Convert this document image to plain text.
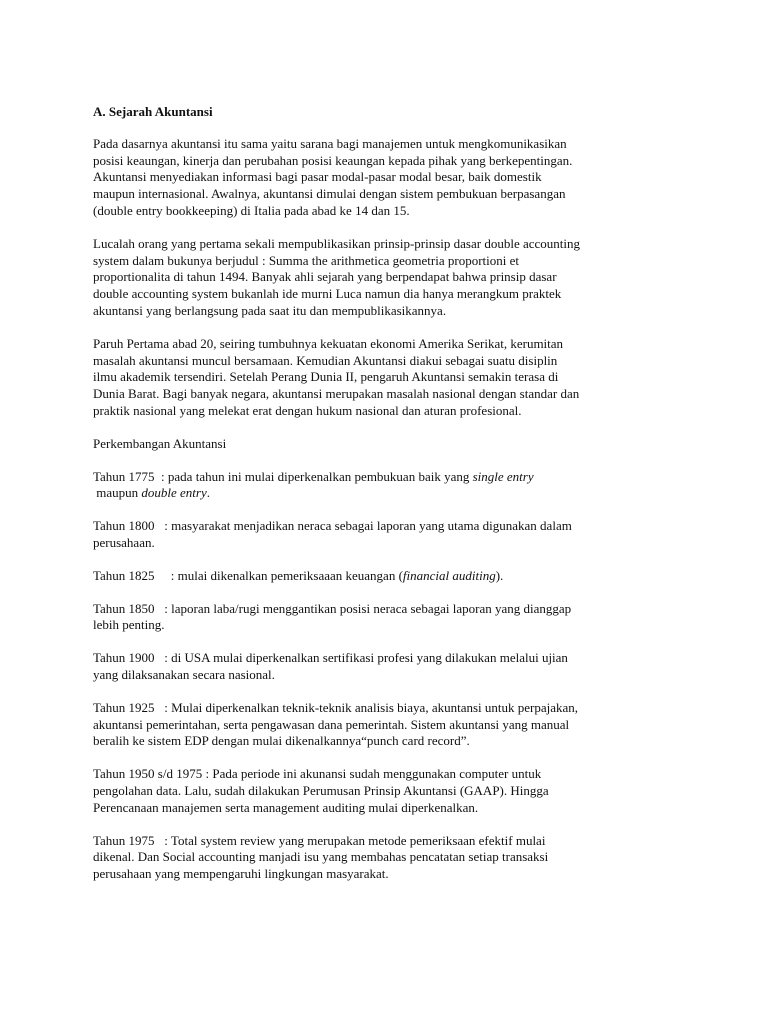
A. Sejarah Akuntansi
Pada dasarnya akuntansi itu sama yaitu sarana bagi manajemen untuk mengkomunikasikan
posisi keaungan, kinerja dan perubahan posisi keaungan kepada pihak yang berkepentingan.
Akuntansi menyediakan informasi bagi pasar modal-pasar modal besar, baik domestik
maupun internasional. Awalnya, akuntansi dimulai dengan sistem pembukuan berpasangan
(double entry bookkeeping) di Italia pada abad ke 14 dan 15.
Lucalah orang yang pertama sekali mempublikasikan prinsip-prinsip dasar double accounting
system dalam bukunya berjudul : Summa the arithmetica geometria proportioni et
proportionalita di tahun 1494. Banyak ahli sejarah yang berpendapat bahwa prinsip dasar
double accounting system bukanlah ide murni Luca namun dia hanya merangkum praktek
akuntansi yang berlangsung pada saat itu dan mempublikasikannya.
Paruh Pertama abad 20, seiring tumbuhnya kekuatan ekonomi Amerika Serikat, kerumitan
masalah akuntansi muncul bersamaan. Kemudian Akuntansi diakui sebagai suatu disiplin
ilmu akademik tersendiri. Setelah Perang Dunia II, pengaruh Akuntansi semakin terasa di
Dunia Barat. Bagi banyak negara, akuntansi merupakan masalah nasional dengan standar dan
praktik nasional yang melekat erat dengan hukum nasional dan aturan profesional.
Perkembangan Akuntansi
Tahun 1775  : pada tahun ini mulai diperkenalkan pembukuan baik yang single entry
maupun double entry.
Tahun 1800   : masyarakat menjadikan neraca sebagai laporan yang utama digunakan dalam
perusahaan.
Tahun 1825     : mulai dikenalkan pemeriksaaan keuangan (financial auditing).
Tahun 1850   : laporan laba/rugi menggantikan posisi neraca sebagai laporan yang dianggap
lebih penting.
Tahun 1900   : di USA mulai diperkenalkan sertifikasi profesi yang dilakukan melalui ujian
yang dilaksanakan secara nasional.
Tahun 1925   : Mulai diperkenalkan teknik-teknik analisis biaya, akuntansi untuk perpajakan,
akuntansi pemerintahan, serta pengawasan dana pemerintah. Sistem akuntansi yang manual
beralih ke sistem EDP dengan mulai dikenalkannya“punch card record”.
Tahun 1950 s/d 1975 : Pada periode ini akunansi sudah menggunakan computer untuk
pengolahan data. Lalu, sudah dilakukan Perumusan Prinsip Akuntansi (GAAP). Hingga
Perencanaan manajemen serta management auditing mulai diperkenalkan.
Tahun 1975   : Total system review yang merupakan metode pemeriksaan efektif mulai
dikenal. Dan Social accounting manjadi isu yang membahas pencatatan setiap transaksi
perusahaan yang mempengaruhi lingkungan masyarakat.
